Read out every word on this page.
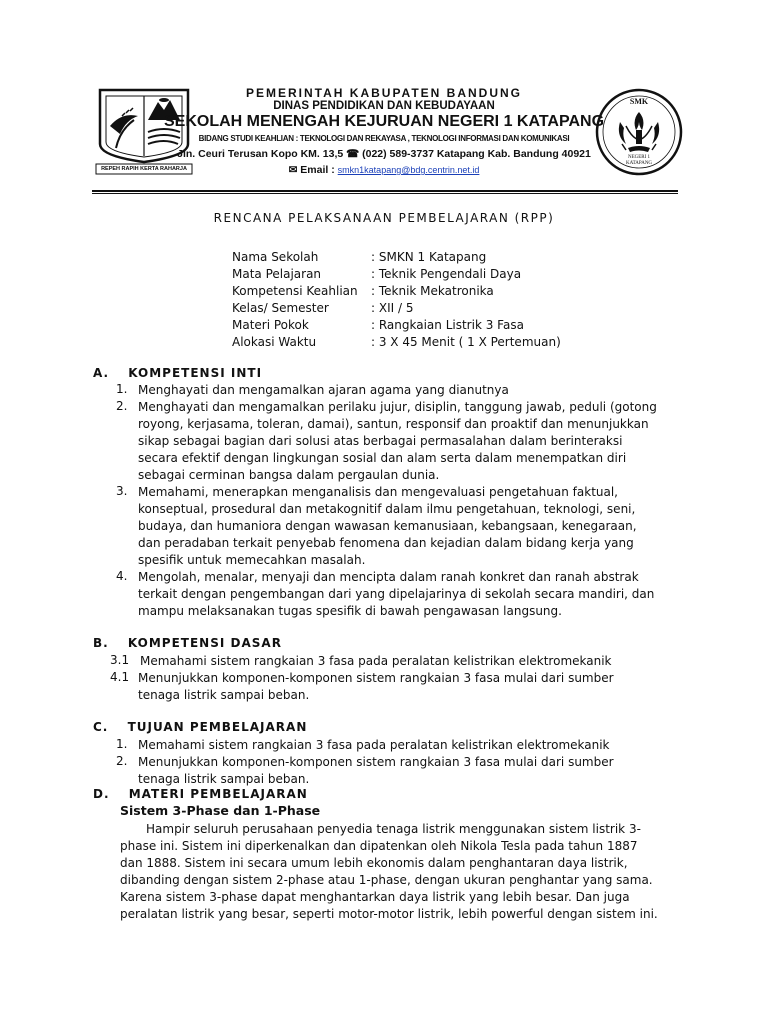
REPEH RAPIH KERTA RAHARJA
SMK
NEGERI 1 KATAPANG
PEMERINTAH KABUPATEN BANDUNG
DINAS PENDIDIKAN DAN KEBUDAYAAN
SEKOLAH MENENGAH KEJURUAN NEGERI 1 KATAPANG
BIDANG STUDI KEAHLIAN : TEKNOLOGI DAN REKAYASA , TEKNOLOGI INFORMASI DAN KOMUNIKASI
Jln. Ceuri Terusan Kopo KM. 13,5 ☎ (022) 589-3737 Katapang Kab. Bandung 40921
✉ Email : smkn1katapang@bdg.centrin.net.id
RENCANA PELAKSANAAN PEMBELAJARAN (RPP)
Nama Sekolah	: SMKN 1 Katapang
Mata Pelajaran	: Teknik Pengendali Daya
Kompetensi Keahlian : Teknik Mekatronika
Kelas/ Semester	: XII / 5
Materi Pokok	: Rangkaian Listrik 3 Fasa
Alokasi Waktu	: 3 X 45 Menit ( 1 X Pertemuan)
A. KOMPETENSI INTI
1. Menghayati dan mengamalkan ajaran agama yang dianutnya
2. Menghayati dan mengamalkan perilaku jujur, disiplin, tanggung jawab, peduli (gotong royong, kerjasama, toleran, damai), santun, responsif dan proaktif dan menunjukkan sikap sebagai bagian dari solusi atas berbagai permasalahan dalam berinteraksi secara efektif dengan lingkungan sosial dan alam serta dalam menempatkan diri sebagai cerminan bangsa dalam pergaulan dunia.
3. Memahami, menerapkan menganalisis dan mengevaluasi pengetahuan faktual, konseptual, prosedural dan metakognitif dalam ilmu pengetahuan, teknologi, seni, budaya, dan humaniora dengan wawasan kemanusiaan, kebangsaan, kenegaraan, dan peradaban terkait penyebab fenomena dan kejadian dalam bidang kerja yang spesifik untuk memecahkan masalah.
4. Mengolah, menalar, menyaji dan mencipta dalam ranah konkret dan ranah abstrak terkait dengan pengembangan dari yang dipelajarinya di sekolah secara mandiri, dan mampu melaksanakan tugas spesifik di bawah pengawasan langsung.
B. KOMPETENSI DASAR
3.1 Memahami sistem rangkaian 3 fasa pada peralatan kelistrikan elektromekanik
4.1 Menunjukkan komponen-komponen sistem rangkaian 3 fasa mulai dari sumber tenaga listrik sampai beban.
C. TUJUAN PEMBELAJARAN
1. Memahami sistem rangkaian 3 fasa pada peralatan kelistrikan elektromekanik
2. Menunjukkan komponen-komponen sistem rangkaian 3 fasa mulai dari sumber tenaga listrik sampai beban.
D. MATERI PEMBELAJARAN
Sistem 3-Phase dan 1-Phase
Hampir seluruh perusahaan penyedia tenaga listrik menggunakan sistem listrik 3-phase ini. Sistem ini diperkenalkan dan dipatenkan oleh Nikola Tesla pada tahun 1887 dan 1888. Sistem ini secara umum lebih ekonomis dalam penghantaran daya listrik, dibanding dengan sistem 2-phase atau 1-phase, dengan ukuran penghantar yang sama. Karena sistem 3-phase dapat menghantarkan daya listrik yang lebih besar. Dan juga peralatan listrik yang besar, seperti motor-motor listrik, lebih powerful dengan sistem ini.
